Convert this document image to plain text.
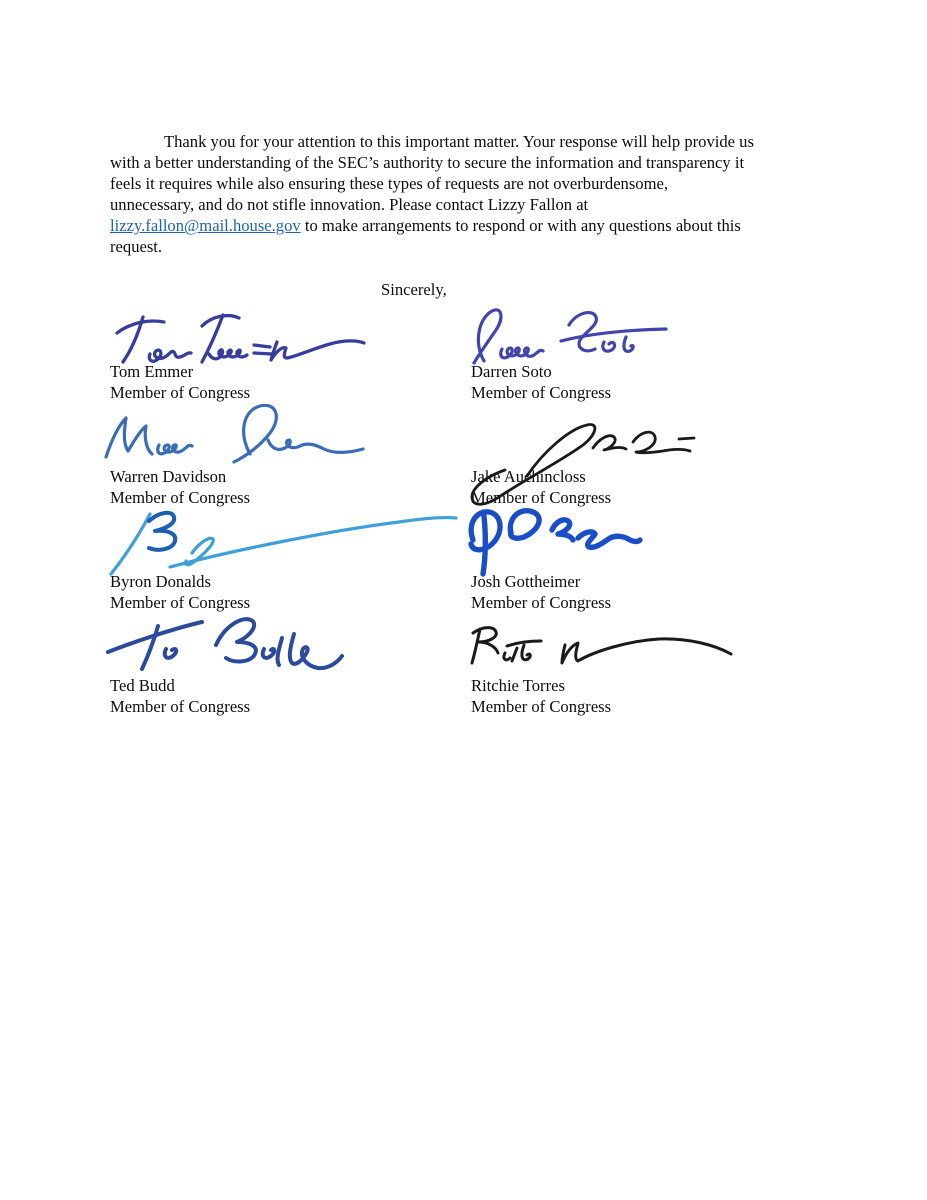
Thank you for your attention to this important matter. Your response will help provide us
with a better understanding of the SEC’s authority to secure the information and transparency it
feels it requires while also ensuring these types of requests are not overburdensome,
unnecessary, and do not stifle innovation. Please contact Lizzy Fallon at
lizzy.fallon@mail.house.gov to make arrangements to respond or with any questions about this
request.
Sincerely,
Tom Emmer
Member of Congress
Darren Soto
Member of Congress
Warren Davidson
Member of Congress
Jake Auchincloss
Member of Congress
Byron Donalds
Member of Congress
Josh Gottheimer
Member of Congress
Ted Budd
Member of Congress
Ritchie Torres
Member of Congress
